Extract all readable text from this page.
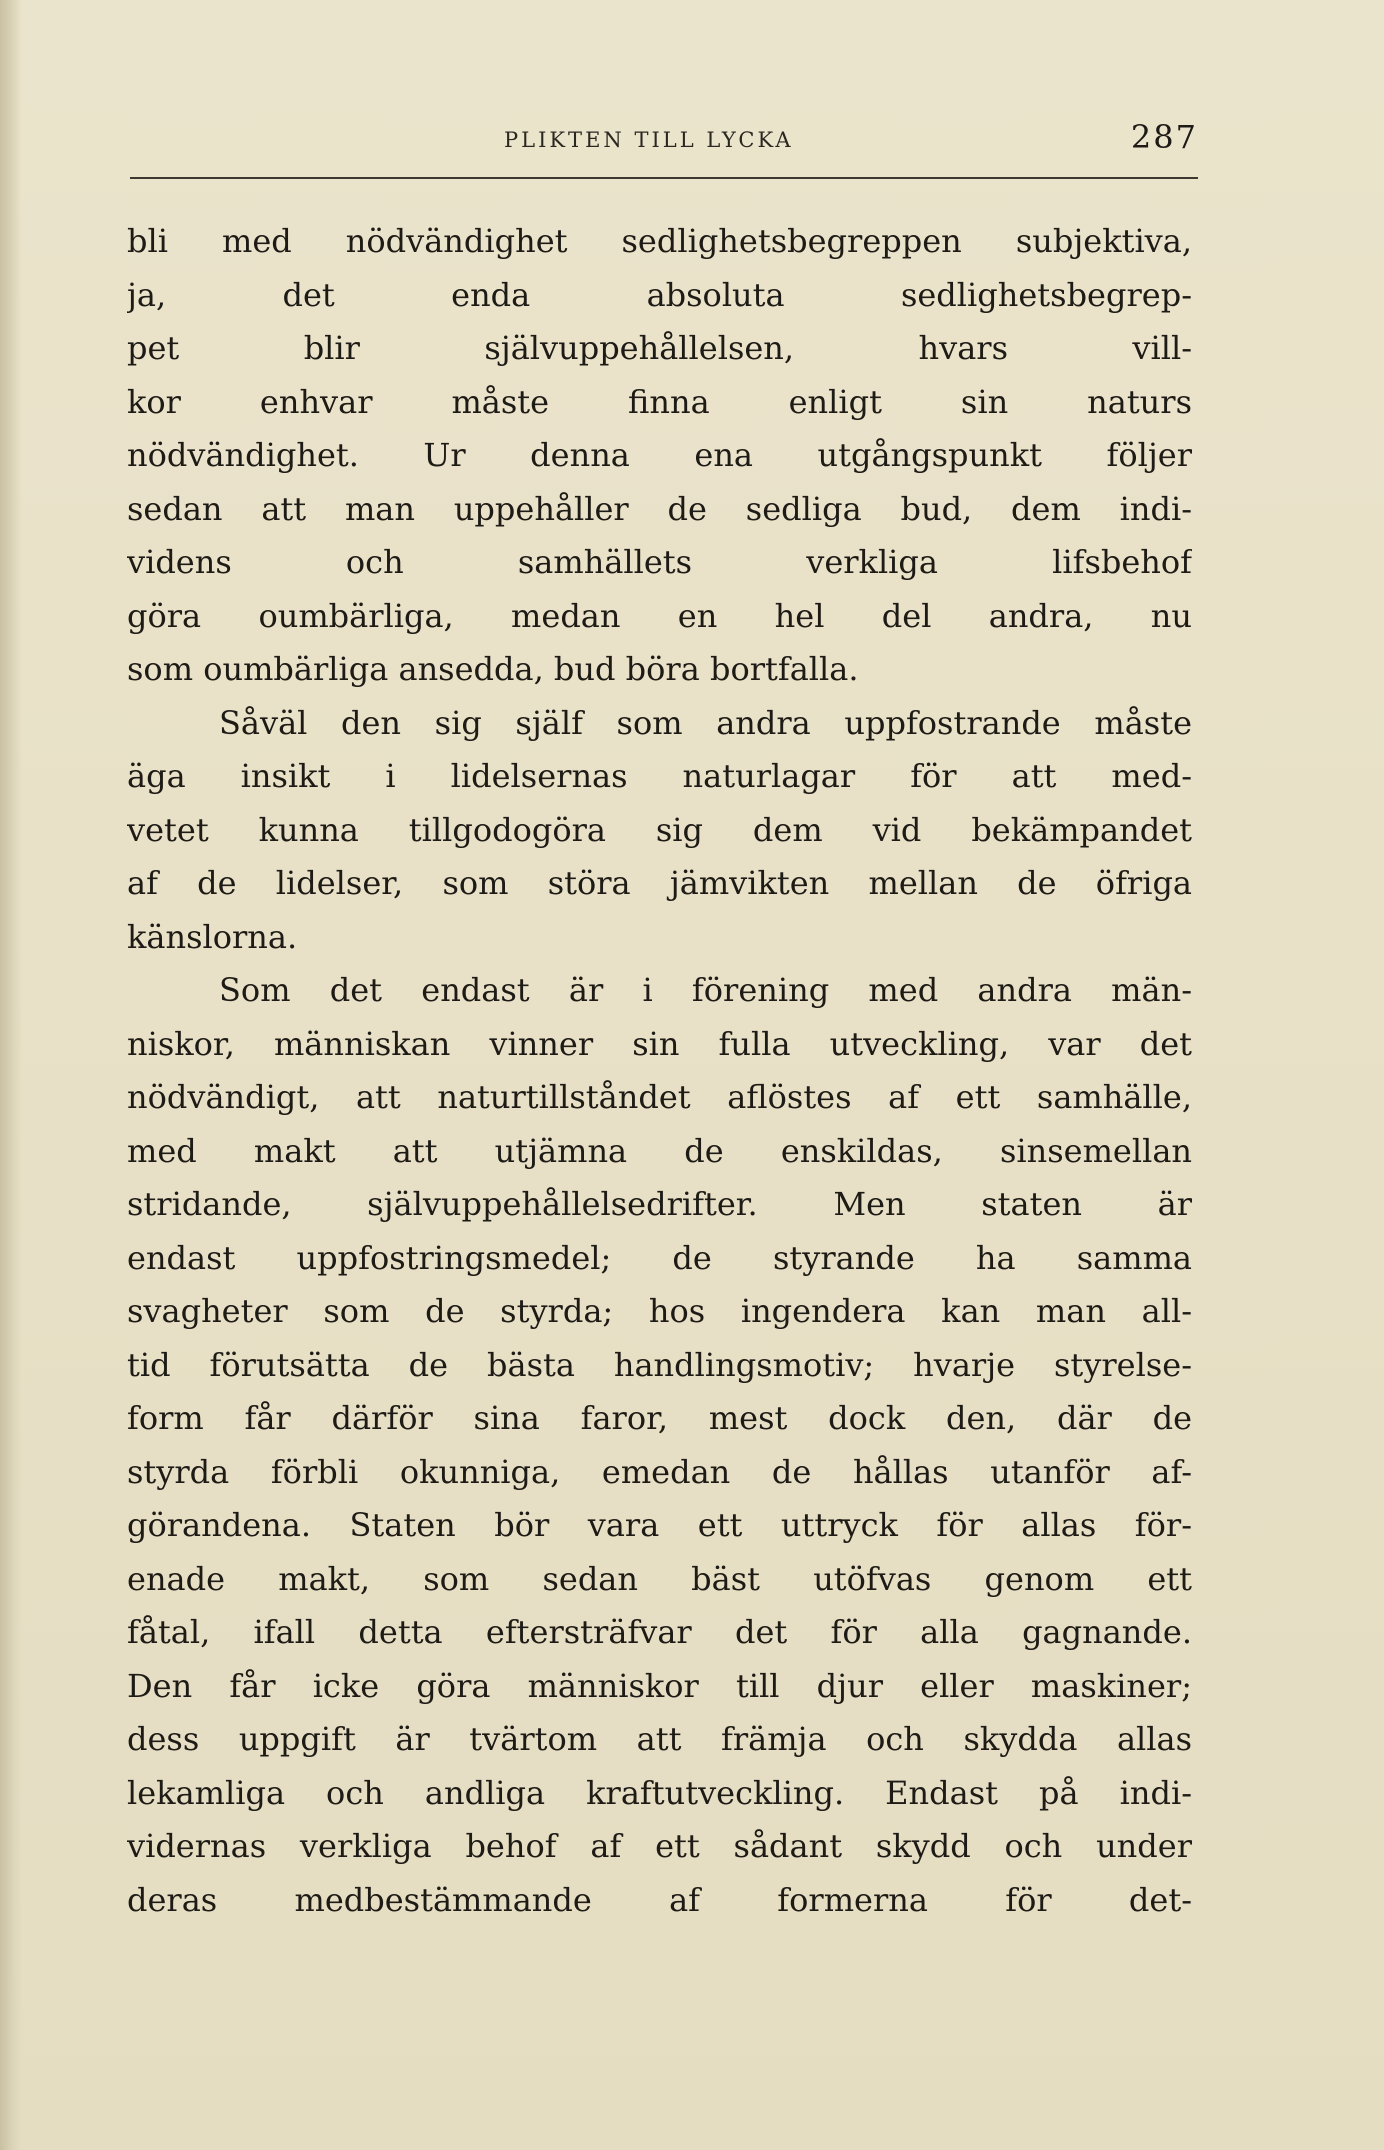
PLIKTEN TILL LYCKA	287
bli med nödvändighet sedlighetsbegreppen subjektiva,
ja, det enda absoluta sedlighetsbegrep-
pet blir självuppehållelsen, hvars vill-
kor enhvar måste finna enligt sin naturs
nödvändighet. Ur denna ena utgångspunkt följer
sedan att man uppehåller de sedliga bud, dem indi-
videns och samhällets verkliga lifsbehof
göra oumbärliga, medan en hel del andra, nu
som oumbärliga ansedda, bud böra bortfalla.
Såväl den sig själf som andra uppfostrande måste
äga insikt i lidelsernas naturlagar för att med-
vetet kunna tillgodogöra sig dem vid bekämpandet
af de lidelser, som störa jämvikten mellan de öfriga
känslorna.
Som det endast är i förening med andra män-
niskor, människan vinner sin fulla utveckling, var det
nödvändigt, att naturtillståndet aflöstes af ett samhälle,
med makt att utjämna de enskildas, sinsemellan
stridande, självuppehållelsedrifter. Men staten är
endast uppfostringsmedel; de styrande ha samma
svagheter som de styrda; hos ingendera kan man all-
tid förutsätta de bästa handlingsmotiv; hvarje styrelse-
form får därför sina faror, mest dock den, där de
styrda förbli okunniga, emedan de hållas utanför af-
görandena. Staten bör vara ett uttryck för allas för-
enade makt, som sedan bäst utöfvas genom ett
fåtal, ifall detta eftersträfvar det för alla gagnande.
Den får icke göra människor till djur eller maskiner;
dess uppgift är tvärtom att främja och skydda allas
lekamliga och andliga kraftutveckling. Endast på indi-
vidernas verkliga behof af ett sådant skydd och under
deras medbestämmande af formerna för det-
